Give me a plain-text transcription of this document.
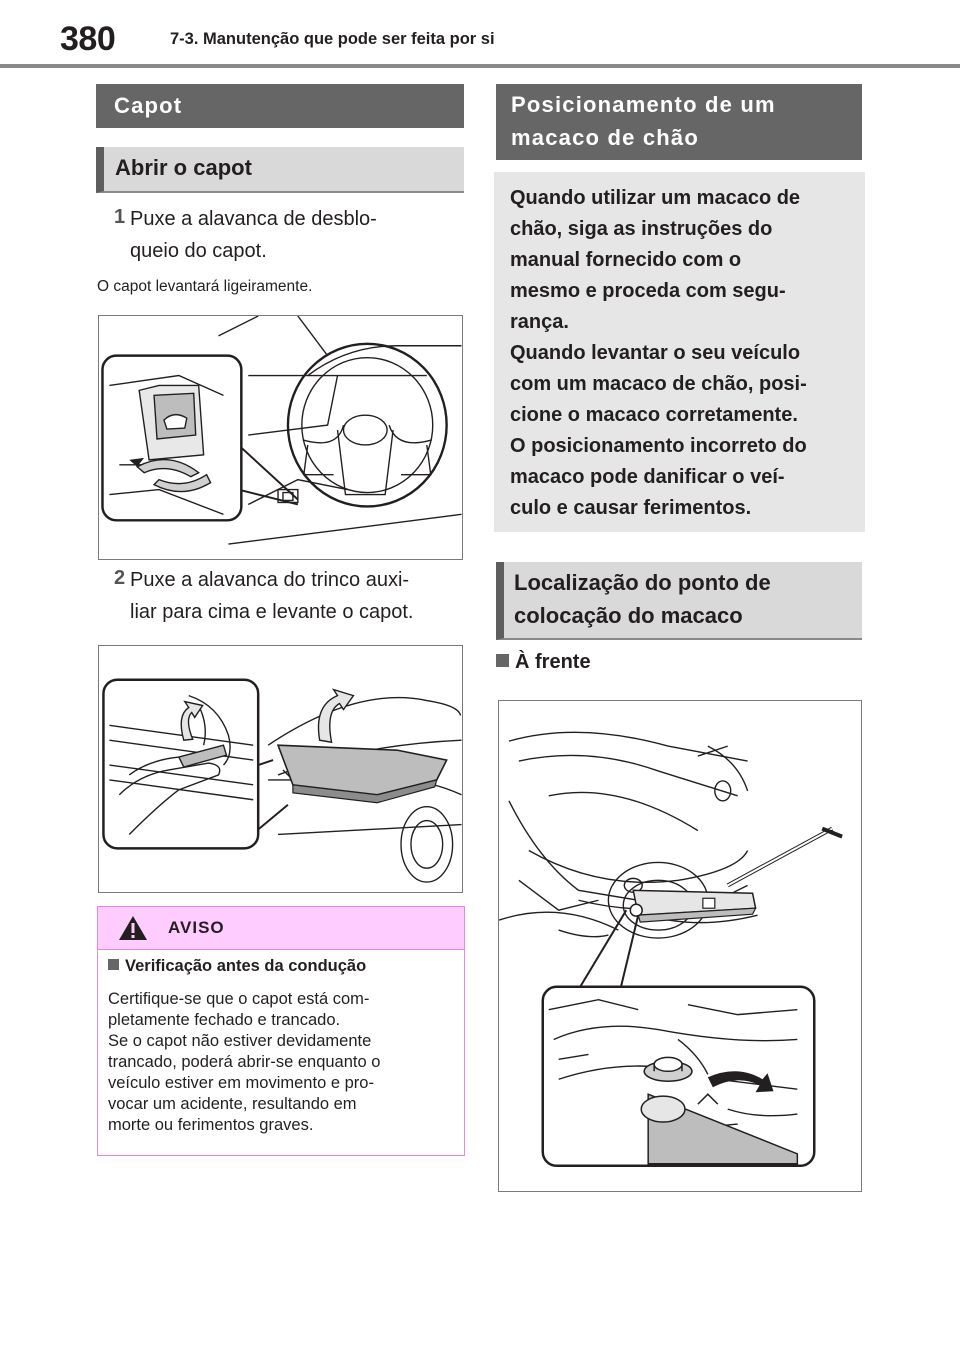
380	7-3. Manutenção que pode ser feita por si
Capot
Abrir o capot
1 Puxe a alavanca de desblo-
queio do capot.
O capot levantará ligeiramente.
2 Puxe a alavanca do trinco auxi-
liar para cima e levante o capot.
AVISO
Verificação antes da condução
Certifique-se que o capot está com-
pletamente fechado e trancado.
Se o capot não estiver devidamente
trancado, poderá abrir-se enquanto o
veículo estiver em movimento e pro-
vocar um acidente, resultando em
morte ou ferimentos graves.
Posicionamento de um
macaco de chão
Quando utilizar um macaco de
chão, siga as instruções do
manual fornecido com o
mesmo e proceda com segu-
rança.
Quando levantar o seu veículo
com um macaco de chão, posi-
cione o macaco corretamente.
O posicionamento incorreto do
macaco pode danificar o veí-
culo e causar ferimentos.
Localização do ponto de
colocação do macaco
À frente
